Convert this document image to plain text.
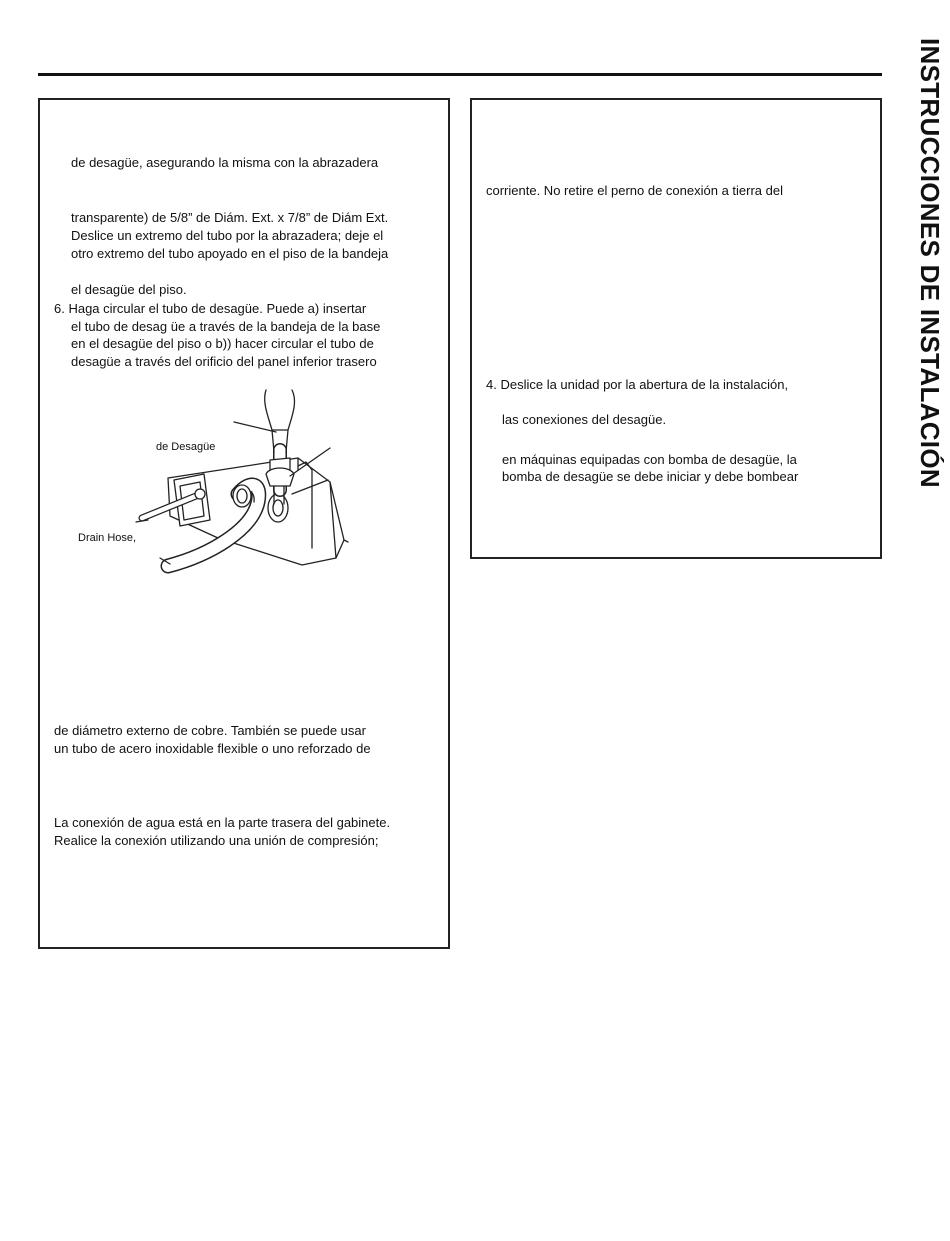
INSTRUCCIONES DE INSTALACIÓN
de desagüe, asegurando la misma con la abrazadera
transparente) de 5/8” de Diám. Ext. x 7/8” de Diám Ext.
Deslice un extremo del tubo por la abrazadera; deje el
otro extremo del tubo apoyado en el piso de la bandeja
el desagüe del piso.
6. Haga circular el tubo de desagüe. Puede a) insertar
el tubo de desag üe a través de la bandeja de la base
en el desagüe del piso o b)) hacer circular el tubo de
desagüe a través del orificio del panel inferior trasero
de Desagüe
Drain Hose,
de diámetro externo de cobre. También se puede usar
un tubo de acero inoxidable flexible o uno reforzado de
La conexión de agua está en la parte trasera del gabinete.
Realice la conexión utilizando una unión de compresión;
corriente. No retire el perno de conexión a tierra del
4. Deslice la unidad por la abertura de la instalación,
las conexiones del desagüe.
en máquinas equipadas con bomba de desagüe, la
bomba de desagüe se debe iniciar y debe bombear
